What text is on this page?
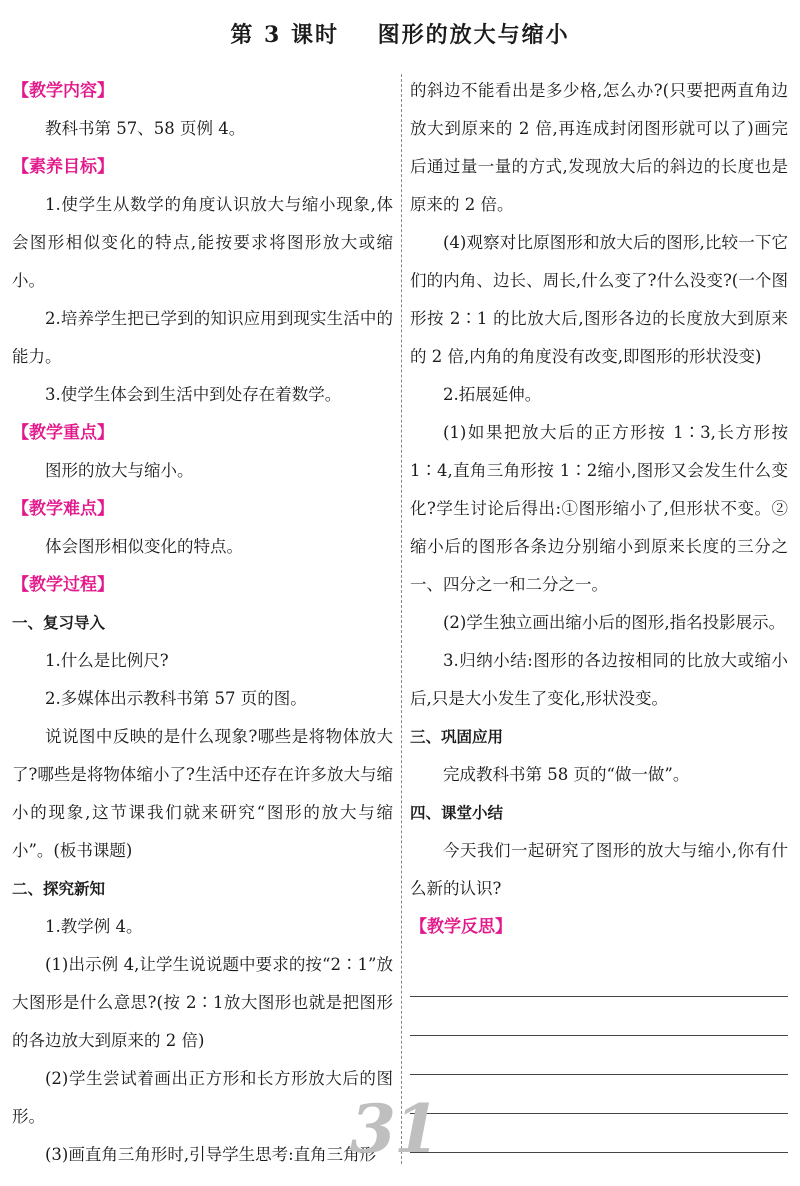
第 3 课时    图形的放大与缩小
【教学内容】

教科书第 57、58 页例 4。

【素养目标】

1.使学生从数学的角度认识放大与缩小现象,体会图形相似变化的特点,能按要求将图形放大或缩小。

2.培养学生把已学到的知识应用到现实生活中的能力。

3.使学生体会到生活中到处存在着数学。

【教学重点】

图形的放大与缩小。

【教学难点】

体会图形相似变化的特点。

【教学过程】
一、复习导入

1.什么是比例尺?

2.多媒体出示教科书第 57 页的图。

说说图中反映的是什么现象?哪些是将物体放大了?哪些是将物体缩小了?生活中还存在许多放大与缩小的现象,这节课我们就来研究“图形的放大与缩小”。(板书课题)

二、探究新知

1.教学例 4。

(1)出示例 4,让学生说说题中要求的按“2∶1”放大图形是什么意思?(按 2∶1放大图形也就是把图形的各边放大到原来的 2 倍)

(2)学生尝试着画出正方形和长方形放大后的图形。

(3)画直角三角形时,引导学生思考:直角三角形

的斜边不能看出是多少格,怎么办?(只要把两直角边放大到原来的 2 倍,再连成封闭图形就可以了)画完后通过量一量的方式,发现放大后的斜边的长度也是原来的 2 倍。

(4)观察对比原图形和放大后的图形,比较一下它们的内角、边长、周长,什么变了?什么没变?(一个图形按 2∶1 的比放大后,图形各边的长度放大到原来的 2 倍,内角的角度没有改变,即图形的形状没变)

2.拓展延伸。

(1)如果把放大后的正方形按 1∶3,长方形按1∶4,直角三角形按 1∶2缩小,图形又会发生什么变化?学生讨论后得出:①图形缩小了,但形状不变。②缩小后的图形各条边分别缩小到原来长度的三分之一、四分之一和二分之一。

(2)学生独立画出缩小后的图形,指名投影展示。

3.归纳小结:图形的各边按相同的比放大或缩小后,只是大小发生了变化,形状没变。

三、巩固应用

完成教科书第 58 页的“做一做”。

四、课堂小结

今天我们一起研究了图形的放大与缩小,你有什么新的认识?

【教学反思】
31
